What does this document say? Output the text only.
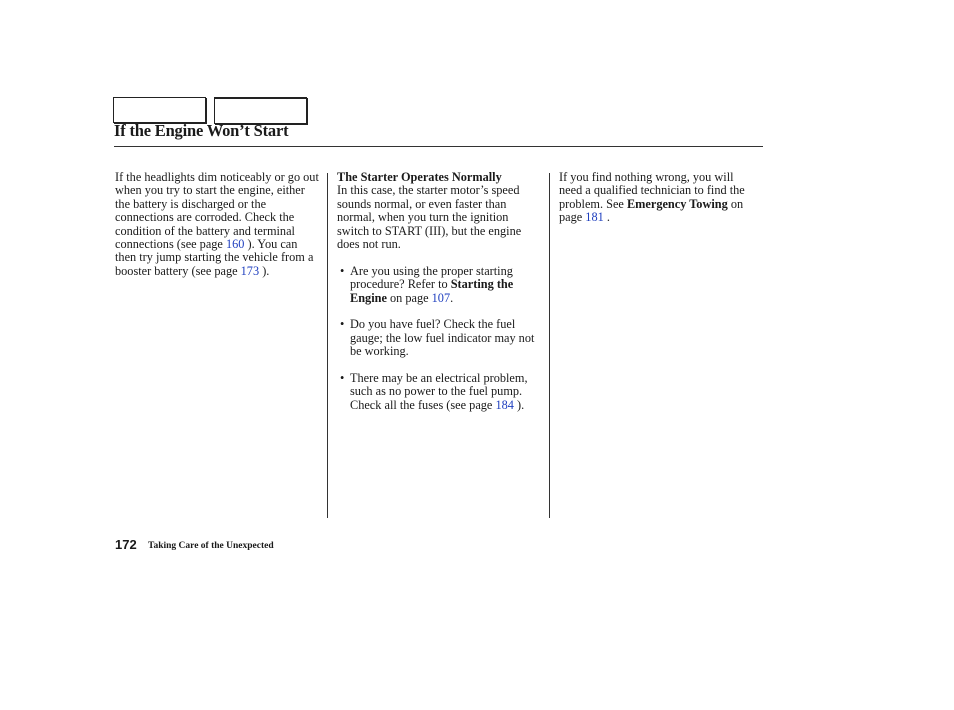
If the Engine Won’t Start

If the headlights dim noticeably or go out when you try to start the engine, either the battery is discharged or the connections are corroded. Check the condition of the battery and terminal connections (see page 160 ). You can then try jump starting the vehicle from a booster battery (see page 173 ).

The Starter Operates Normally

In this case, the starter motor’s speed sounds normal, or even faster than normal, when you turn the ignition switch to START (III), but the engine does not run.

• Are you using the proper starting procedure? Refer to Starting the Engine on page 107.

• Do you have fuel? Check the fuel gauge; the low fuel indicator may not be working.

• There may be an electrical problem, such as no power to the fuel pump. Check all the fuses (see page 184 ).

If you find nothing wrong, you will need a qualified technician to find the problem. See Emergency Towing on page 181 .

172 Taking Care of the Unexpected
